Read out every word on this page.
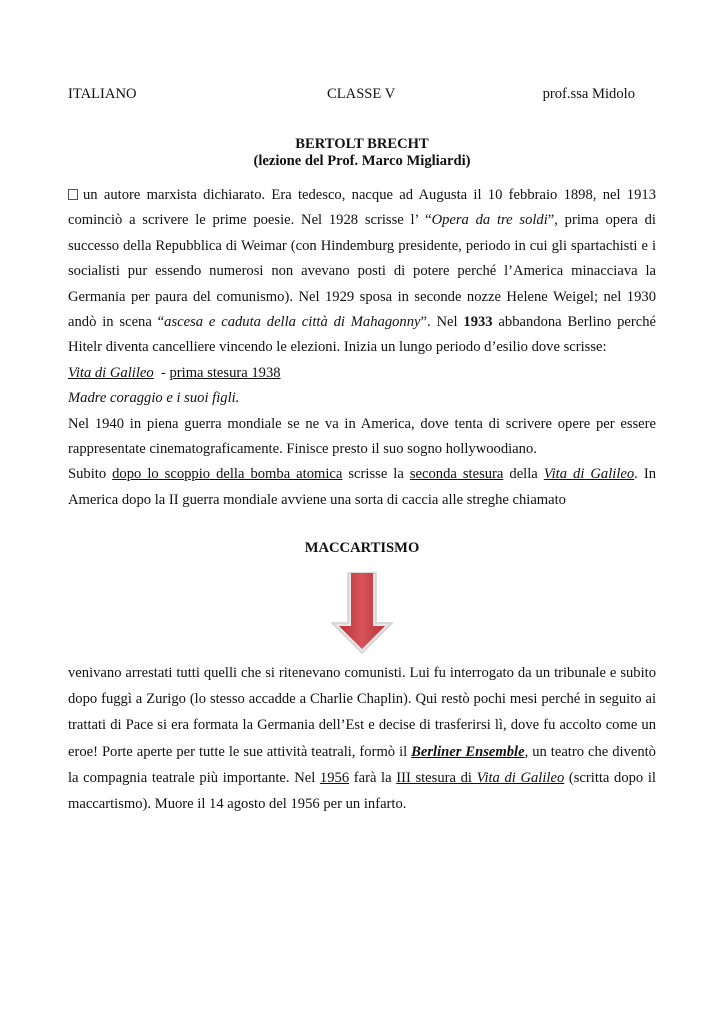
ITALIANO	CLASSE V	prof.ssa Midolo
BERTOLT BRECHT
(lezione del Prof. Marco Migliardi)

un autore marxista dichiarato. Era tedesco, nacque ad Augusta il 10 febbraio 1898, nel 1913 cominciò a scrivere le prime poesie. Nel 1928 scrisse l’ “Opera da tre soldi”, prima opera di successo della Repubblica di Weimar (con Hindemburg presidente, periodo in cui gli spartachisti e i socialisti pur essendo numerosi non avevano posti di potere perché l’America minacciava la Germania per paura del comunismo). Nel 1929 sposa in seconde nozze Helene Weigel; nel 1930 andò in scena “ascesa e caduta della città di Mahagonny”. Nel 1933 abbandona Berlino perché Hitelr diventa cancelliere vincendo le elezioni. Inizia un lungo periodo d’esilio dove scrisse:

Vita di Galileo  - prima stesura 1938

Madre coraggio e i suoi figli.

Nel 1940 in piena guerra mondiale se ne va in America, dove tenta di scrivere opere per essere rappresentate cinematograficamente. Finisce presto il suo sogno hollywoodiano.

Subito dopo lo scoppio della bomba atomica scrisse la seconda stesura della Vita di Galileo. In America dopo la II guerra mondiale avviene una sorta di caccia alle streghe chiamato

MACCARTISMO

venivano arrestati tutti quelli che si ritenevano comunisti. Lui fu interrogato da un tribunale e subito dopo fuggì a Zurigo (lo stesso accadde a Charlie Chaplin). Qui restò pochi mesi perché in seguito ai trattati di Pace si era formata la Germania dell’Est e decise di trasferirsi lì, dove fu accolto come un eroe! Porte aperte per tutte le sue attività teatrali, formò il Berliner Ensemble, un teatro che diventò la compagnia teatrale più importante. Nel 1956 farà la III stesura di Vita di Galileo (scritta dopo il maccartismo). Muore il 14 agosto del 1956 per un infarto.
